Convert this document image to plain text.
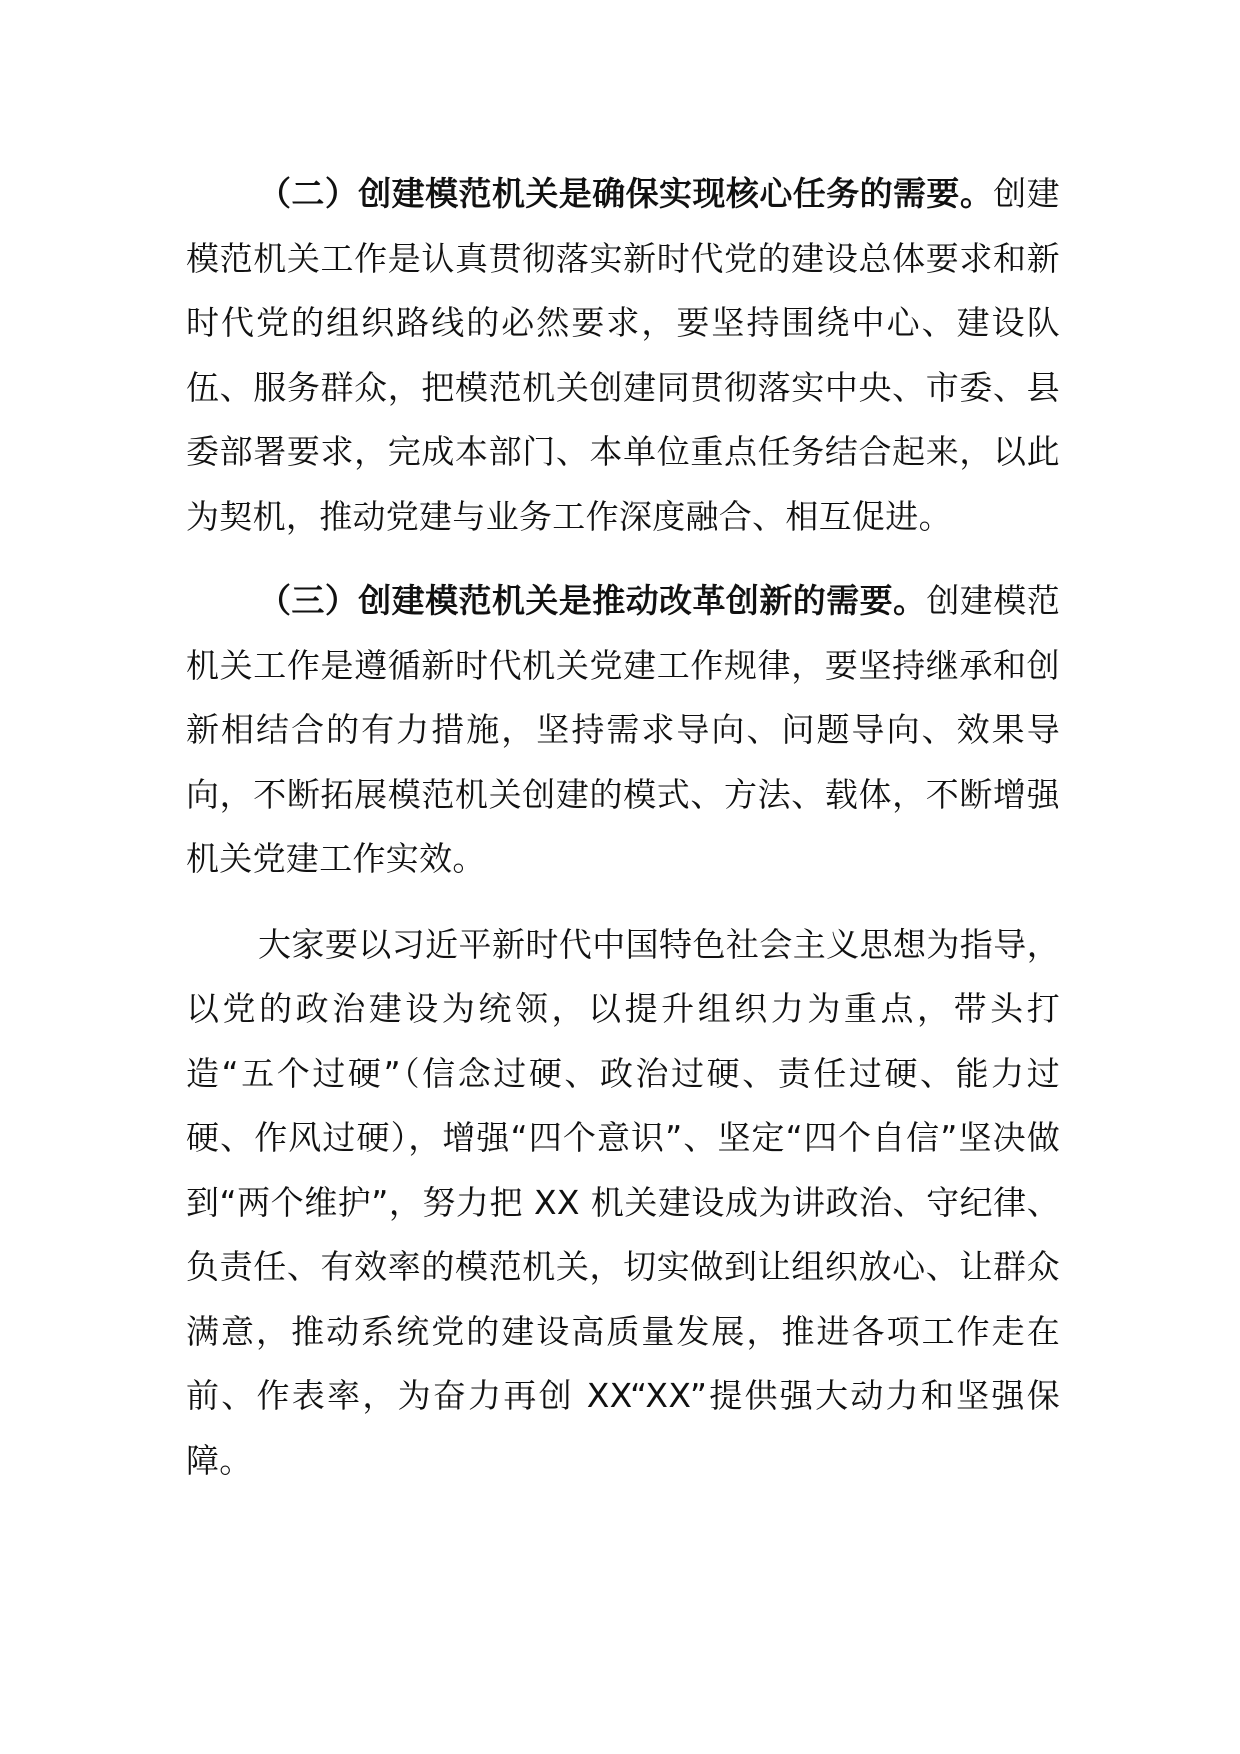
（二）创建模范机关是确保实现核心任务的需要。创建模范机关工作是认真贯彻落实新时代党的建设总体要求和新时代党的组织路线的必然要求，要坚持围绕中心、建设队伍、服务群众，把模范机关创建同贯彻落实中央、市委、县委部署要求，完成本部门、本单位重点任务结合起来，以此为契机，推动党建与业务工作深度融合、相互促进。

（三）创建模范机关是推动改革创新的需要。创建模范机关工作是遵循新时代机关党建工作规律，要坚持继承和创新相结合的有力措施，坚持需求导向、问题导向、效果导向，不断拓展模范机关创建的模式、方法、载体，不断增强机关党建工作实效。

大家要以习近平新时代中国特色社会主义思想为指导，以党的政治建设为统领，以提升组织力为重点，带头打造“五个过硬”（信念过硬、政治过硬、责任过硬、能力过硬、作风过硬），增强“四个意识”、坚定“四个自信”坚决做到“两个维护”，努力把 XX 机关建设成为讲政治、守纪律、负责任、有效率的模范机关，切实做到让组织放心、让群众满意，推动系统党的建设高质量发展，推进各项工作走在前、作表率，为奋力再创 XX“XX”提供强大动力和坚强保障。
